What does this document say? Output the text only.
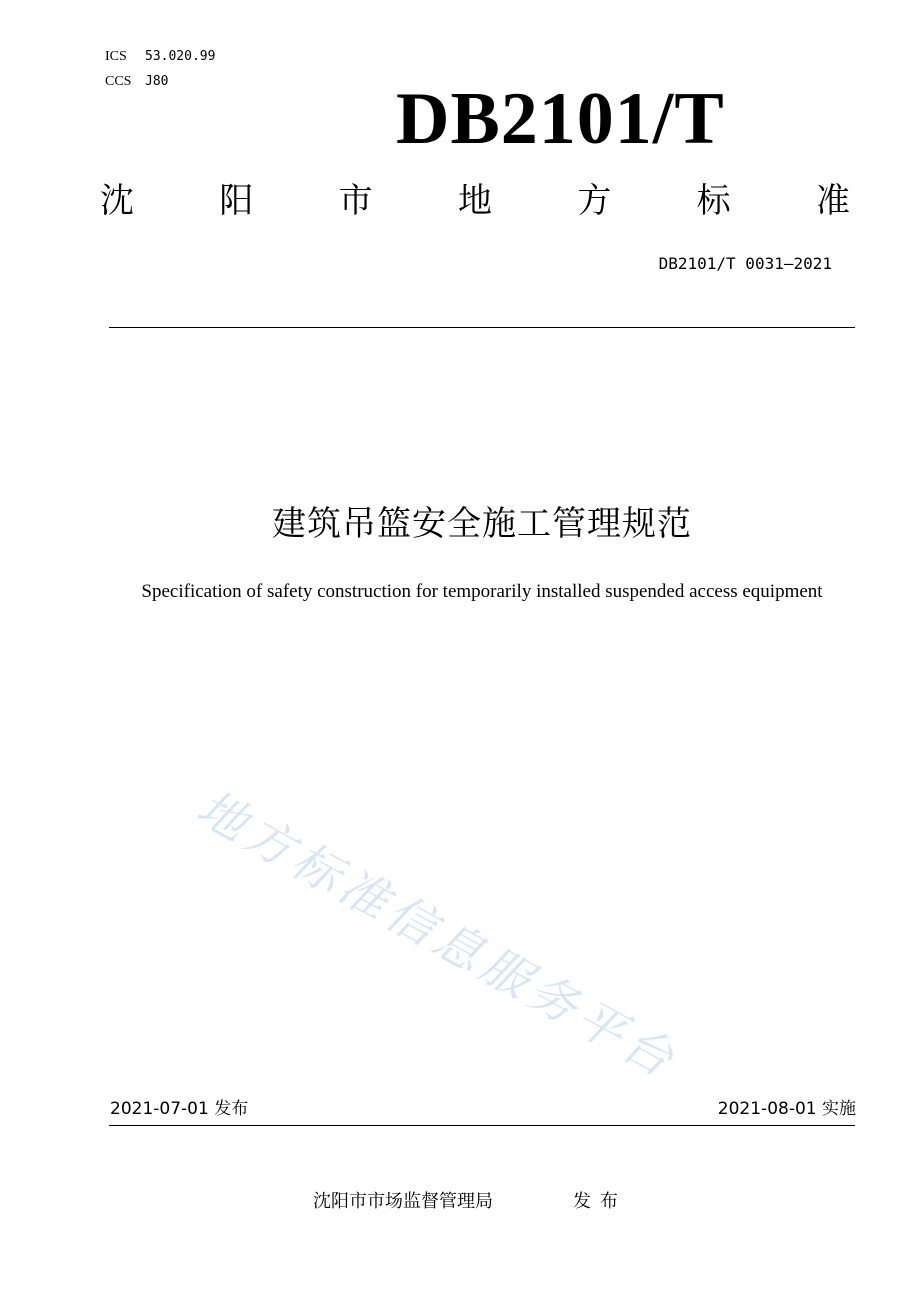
ICS	53.020.99
CCS J80	DB2101/T
沈	阳	市	地	方	标	准
DB2101/T 0031—2021
建筑吊篮安全施工管理规范
Specification of safety construction for temporarily installed suspended access equipment
地方标准信息服务平台
2021-07-01 发布	2021-08-01 实施
沈阳市市场监督管理局	发布
